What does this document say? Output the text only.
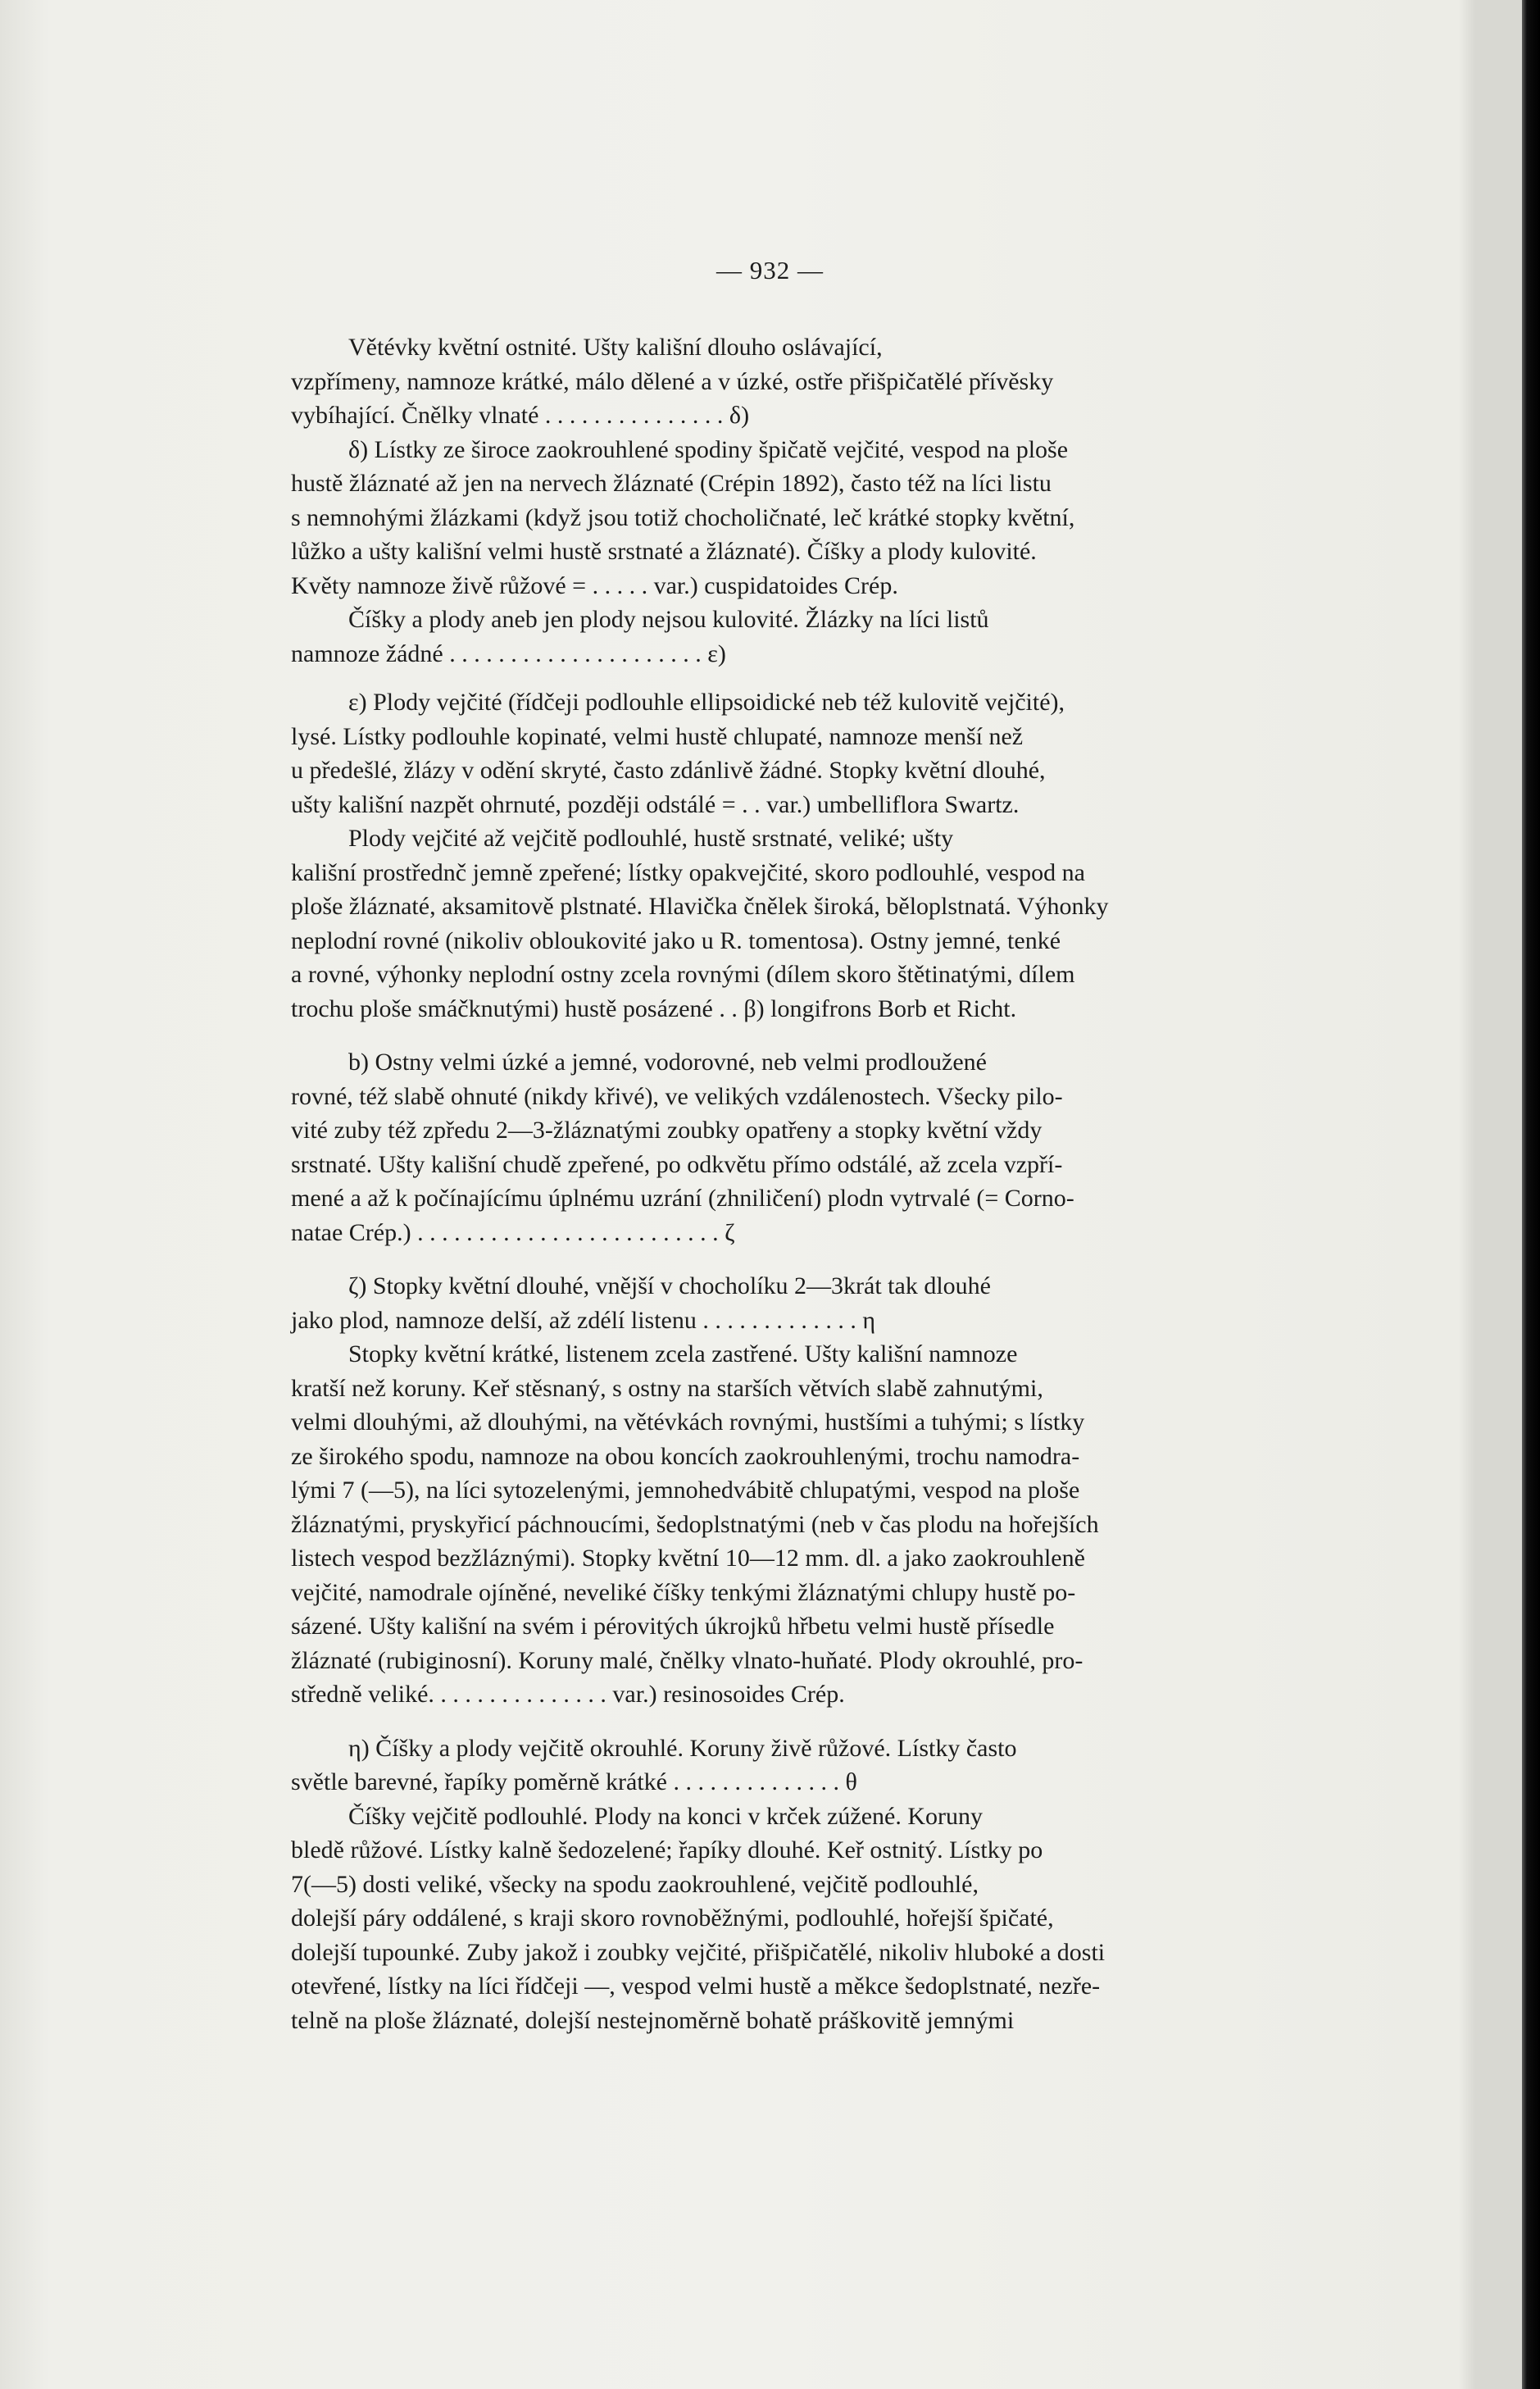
— 932 —
Větévky květní ostnité. Ušty kališní dlouho oslávající,
vzpřímeny, namnoze krátké, málo dělené a v úzké, ostře přišpičatělé přívěsky
vybíhající. Čnělky vlnaté . . . . . . . . . . . . . . . δ)
δ) Lístky ze široce zaokrouhlené spodiny špičatě vejčité, vespod na ploše
hustě žláznaté až jen na nervech žláznaté (Crépin 1892), často též na líci listu
s nemnohými žlázkami (když jsou totiž chocholičnaté, leč krátké stopky květní,
lůžko a ušty kališní velmi hustě srstnaté a žláznaté). Číšky a plody kulovité.
Květy namnoze živě růžové = . . . . . var.) cuspidatoides Crép.
Číšky a plody aneb jen plody nejsou kulovité. Žlázky na líci listů
namnoze žádné . . . . . . . . . . . . . . . . . . . . . ε)
ε) Plody vejčité (řídčeji podlouhle ellipsoidické neb též kulovitě vejčité),
lysé. Lístky podlouhle kopinaté, velmi hustě chlupaté, namnoze menší než
u předešlé, žlázy v odění skryté, často zdánlivě žádné. Stopky květní dlouhé,
ušty kališní nazpět ohrnuté, později odstálé = . . var.) umbelliflora Swartz.
Plody vejčité až vejčitě podlouhlé, hustě srstnaté, veliké; ušty
kališní prostřednč jemně zpeřené; lístky opakvejčité, skoro podlouhlé, vespod na
ploše žláznaté, aksamitově plstnaté. Hlavička čnělek široká, běloplstnatá. Výhonky
neplodní rovné (nikoliv obloukovité jako u R. tomentosa). Ostny jemné, tenké
a rovné, výhonky neplodní ostny zcela rovnými (dílem skoro štětinatými, dílem
trochu ploše smáčknutými) hustě posázené . . β) longifrons Borb et Richt.
b) Ostny velmi úzké a jemné, vodorovné, neb velmi prodloužené
rovné, též slabě ohnuté (nikdy křivé), ve velikých vzdálenostech. Všecky pilo-
vité zuby též zpředu 2—3-žláznatými zoubky opatřeny a stopky květní vždy
srstnaté. Ušty kališní chudě zpeřené, po odkvětu přímo odstálé, až zcela vzpří-
mené a až k počínajícímu úplnému uzrání (zhniličení) plodn vytrvalé (= Corno-
natae Crép.) . . . . . . . . . . . . . . . . . . . . . . . . . ζ
ζ) Stopky květní dlouhé, vnější v chocholíku 2—3krát tak dlouhé
jako plod, namnoze delší, až zdélí listenu . . . . . . . . . . . . . η
Stopky květní krátké, listenem zcela zastřené. Ušty kališní namnoze
kratší než koruny. Keř stěsnaný, s ostny na starších větvích slabě zahnutými,
velmi dlouhými, až dlouhými, na větévkách rovnými, hustšími a tuhými; s lístky
ze širokého spodu, namnoze na obou koncích zaokrouhlenými, trochu namodra-
lými 7 (—5), na líci sytozelenými, jemnohedvábitě chlupatými, vespod na ploše
žláznatými, pryskyřicí páchnoucími, šedoplstnatými (neb v čas plodu na hořejších
listech vespod bezžláznými). Stopky květní 10—12 mm. dl. a jako zaokrouhleně
vejčité, namodrale ojíněné, neveliké číšky tenkými žláznatými chlupy hustě po-
sázené. Ušty kališní na svém i pérovitých úkrojků hřbetu velmi hustě přísedle
žláznaté (rubiginosní). Koruny malé, čnělky vlnato-huňaté. Plody okrouhlé, pro-
středně veliké. . . . . . . . . . . . . . . var.) resinosoides Crép.
η) Číšky a plody vejčitě okrouhlé. Koruny živě růžové. Lístky často
světle barevné, řapíky poměrně krátké . . . . . . . . . . . . . . θ
Číšky vejčitě podlouhlé. Plody na konci v krček zúžené. Koruny
bledě růžové. Lístky kalně šedozelené; řapíky dlouhé. Keř ostnitý. Lístky po
7(—5) dosti veliké, všecky na spodu zaokrouhlené, vejčitě podlouhlé,
dolejší páry oddálené, s kraji skoro rovnoběžnými, podlouhlé, hořejší špičaté,
dolejší tupounké. Zuby jakož i zoubky vejčité, přišpičatělé, nikoliv hluboké a dosti
otevřené, lístky na líci řídčeji —, vespod velmi hustě a měkce šedoplstnaté, nezře-
telně na ploše žláznaté, dolejší nestejnoměrně bohatě práškovitě jemnými
